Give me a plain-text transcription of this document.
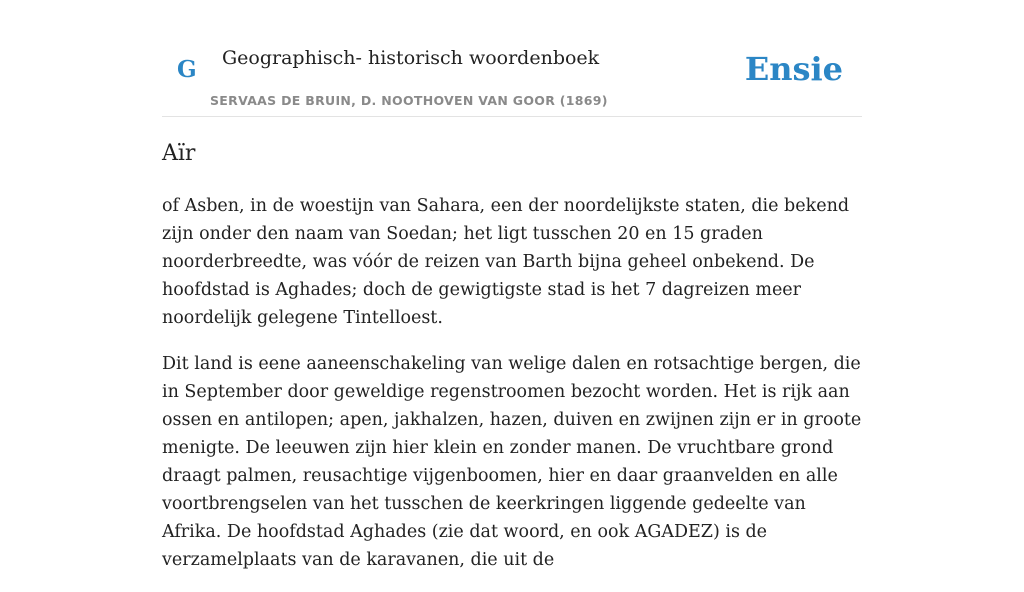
G Geographisch- historisch woordenboek
SERVAAS DE BRUIN, D. NOOTHOVEN VAN GOOR (1869)
Ensie
Aïr

of Asben, in de woestijn van Sahara, een der noordelijkste staten, die bekend zijn onder den naam van Soedan; het ligt tusschen 20 en 15 graden noorderbreedte, was vóór de reizen van Barth bijna geheel onbekend. De hoofdstad is Aghades; doch de gewigtigste stad is het 7 dagreizen meer noordelijk gelegene Tintelloest.

Dit land is eene aaneenschakeling van welige dalen en rotsachtige bergen, die in September door geweldige regenstroomen bezocht worden. Het is rijk aan ossen en antilopen; apen, jakhalzen, hazen, duiven en zwijnen zijn er in groote menigte. De leeuwen zijn hier klein en zonder manen. De vruchtbare grond draagt palmen, reusachtige vijgenboomen, hier en daar graanvelden en alle voortbrengselen van het tusschen de keerkringen liggende gedeelte van Afrika. De hoofdstad Aghades (zie dat woord, en ook AGADEZ) is de verzamelplaats van de karavanen, die uit de
